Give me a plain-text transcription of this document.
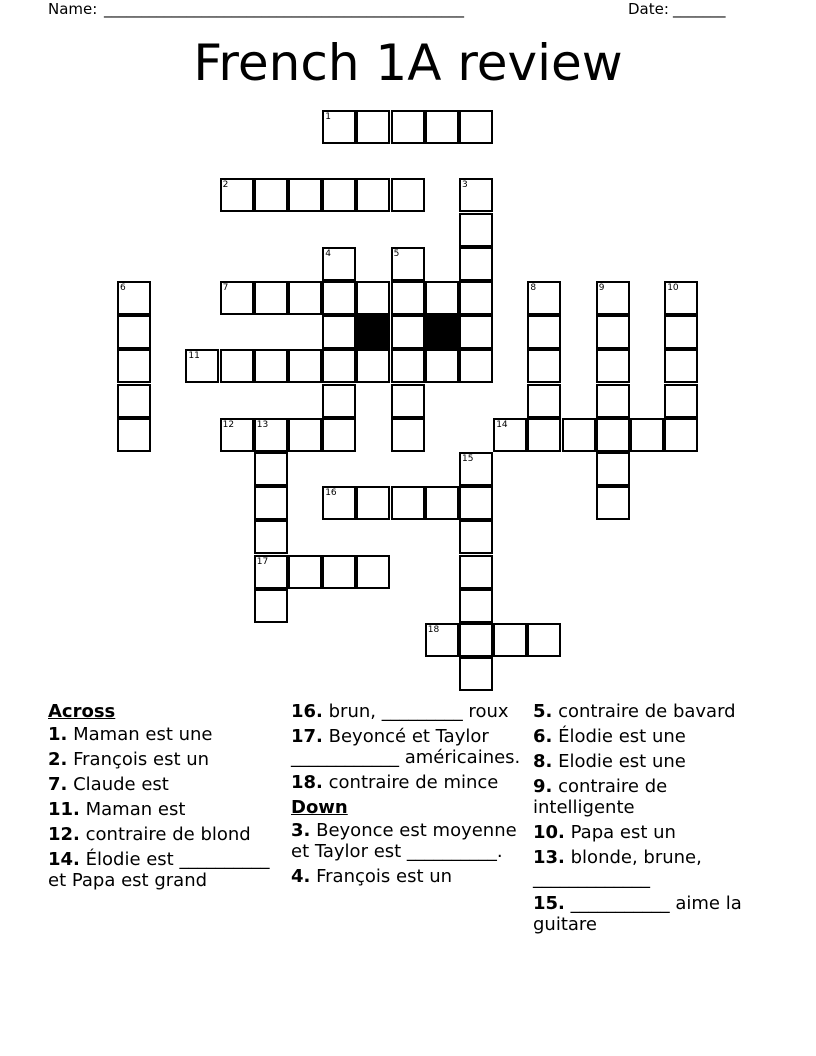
Name: ________________________________________________	Date: _______
French 1A review
1
2
7
11
12	13	14
16
17
18
3
4	5
6	8	9	10
15
Across
1. Maman est une
2. François est un
7. Claude est
11. Maman est
12. contraire de blond
14. Élodie est __________ et Papa est grand
16. brun, _________ roux
17. Beyoncé et Taylor ____________ américaines.
18. contraire de mince
Down
3. Beyonce est moyenne et Taylor est __________.
4. François est un
5. contraire de bavard
6. Élodie est une
8. Elodie est une
9. contraire de intelligente
10. Papa est un
13. blonde, brune, _____________
15. ___________ aime la guitare
